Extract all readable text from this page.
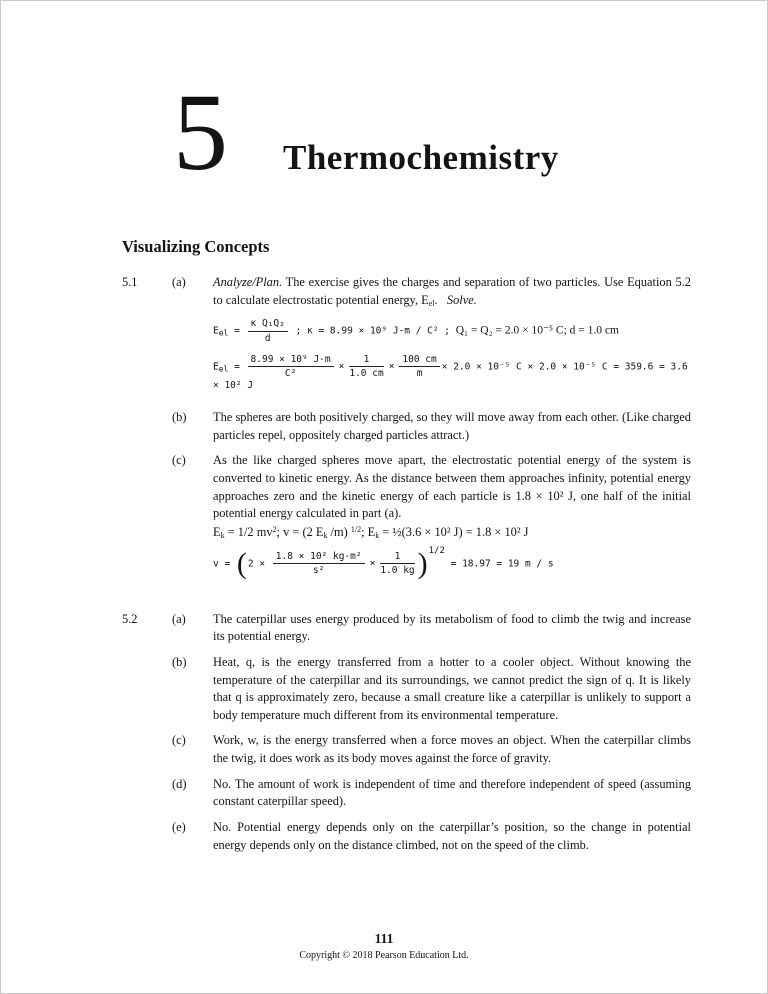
5 Thermochemistry
Visualizing Concepts
5.1	(a)	Analyze/Plan. The exercise gives the charges and separation of two particles. Use Equation 5.2 to calculate electrostatic potential energy, $E_{el}$.   Solve.

$E_{el} = \frac{\text{κ Q₁Q₂}}{d}$ ; κ = 8.99 × 10⁹ J-m / C² ; Q₁ = Q₂ = 2.0 × 10⁻⁵ C; d = 1.0 cm
$E_{el} = \frac{\text{8.99 × 10⁹ J-m}}{\text{C²}} \times \frac{1}{1.0 cm} \times \frac{100 cm}{m} \times 2.0 \times 10^{-5}$ C × 2.0 × 10⁻⁵ C = 359.6 = 3.6 × 10² J
(b)	The spheres are both positively charged, so they will move away from each other. (Like charged particles repel, oppositely charged particles attract.)

(c)	As the like charged spheres move apart, the electrostatic potential energy of the system is converted to kinetic energy. As the distance between them approaches infinity, potential energy approaches zero and the kinetic energy of each particle is 1.8 × 10² J, one half of the initial potential energy calculated in part (a).

$E_k = 1/2$ $mv^2$; v = (2 $E_k$ /m) $^{1/2}$; $E_k$ = ½(3.6 × 10² J) = 1.8 × 10² J
$v = (2 \times \frac{\text{1.8 × 10² kg-m²}}{\text{s²}} \times \frac{1}{1.0 kg} )1/2 = 18.97 = 19$ m / s
5.2	(a)	The caterpillar uses energy produced by its metabolism of food to climb the twig and increase its potential energy.

(b)	Heat, q, is the energy transferred from a hotter to a cooler object. Without knowing the temperature of the caterpillar and its surroundings, we cannot predict the sign of q. It is likely that q is approximately zero, because a small creature like a caterpillar is unlikely to support a body temperature much different from its environmental temperature.

(c)	Work, w, is the energy transferred when a force moves an object. When the caterpillar climbs the twig, it does work as its body moves against the force of gravity.

(d)	No. The amount of work is independent of time and therefore independent of speed (assuming constant caterpillar speed).

(e)	No. Potential energy depends only on the caterpillar’s position, so the change in potential energy depends only on the distance climbed, not on the speed of the climb.

111
Copyright © 2018 Pearson Education Ltd.
